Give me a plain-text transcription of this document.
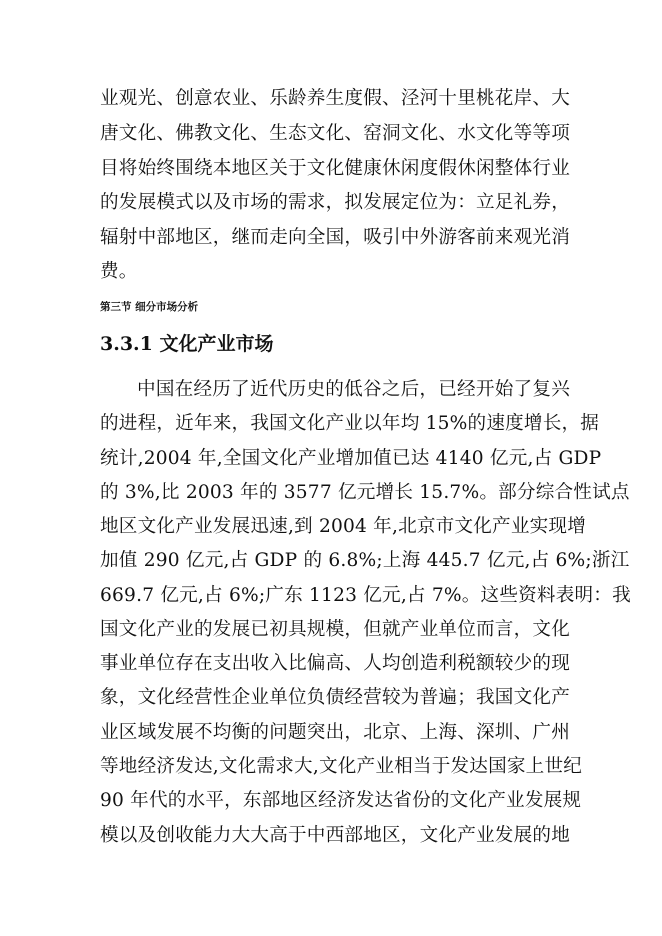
业观光、创意农业、乐龄养生度假、泾河十里桃花岸、大
唐文化、佛教文化、生态文化、窑洞文化、水文化等等项
目将始终围绕本地区关于文化健康休闲度假休闲整体行业
的发展模式以及市场的需求，拟发展定位为：立足礼券，
辐射中部地区，继而走向全国，吸引中外游客前来观光消
费。
第三节 细分市场分析
3.3.1 文化产业市场
中国在经历了近代历史的低谷之后，已经开始了复兴
的进程，近年来，我国文化产业以年均 15%的速度增长，据
统计,2004 年,全国文化产业增加值已达 4140 亿元,占 GDP
的 3%,比 2003 年的 3577 亿元增长 15.7%。部分综合性试点
地区文化产业发展迅速,到 2004 年,北京市文化产业实现增
加值 290 亿元,占 GDP 的 6.8%;上海 445.7 亿元,占 6%;浙江
669.7 亿元,占 6%;广东 1123 亿元,占 7%。这些资料表明：我
国文化产业的发展已初具规模，但就产业单位而言，文化
事业单位存在支出收入比偏高、人均创造利税额较少的现
象，文化经营性企业单位负债经营较为普遍；我国文化产
业区域发展不均衡的问题突出，北京、上海、深圳、广州
等地经济发达,文化需求大,文化产业相当于发达国家上世纪
90 年代的水平，东部地区经济发达省份的文化产业发展规
模以及创收能力大大高于中西部地区，文化产业发展的地
